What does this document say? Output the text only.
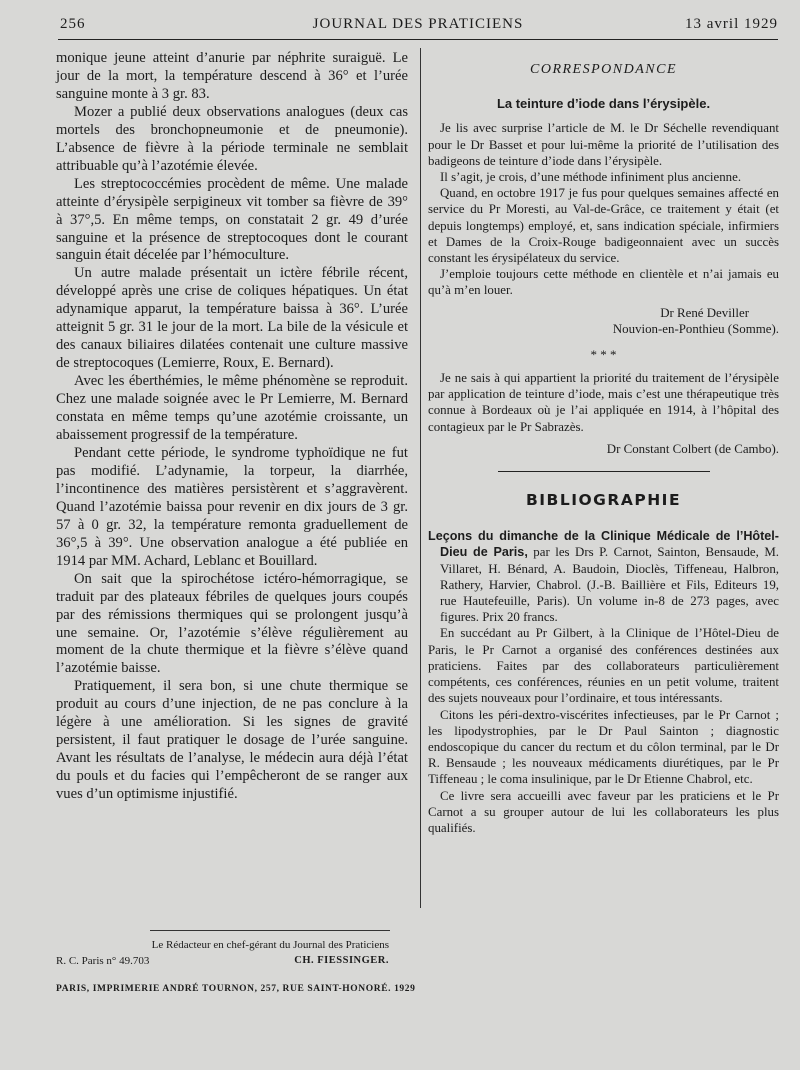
256	JOURNAL DES PRATICIENS	13 avril 1929

monique jeune atteint d’anurie par néphrite suraiguë. Le jour de la mort, la température descend à 36° et l’urée sanguine monte à 3 gr. 83.

Mozer a publié deux observations analogues (deux cas mortels des bronchopneumonie et de pneumonie). L’absence de fièvre à la période terminale ne semblait attribuable qu’à l’azotémie élevée.

Les streptococcémies procèdent de même. Une malade atteinte d’érysipèle serpigineux vit tomber sa fièvre de 39° à 37°,5. En même temps, on constatait 2 gr. 49 d’urée sanguine et la présence de streptocoques dont le courant sanguin était décelée par l’hémoculture.

Un autre malade présentait un ictère fébrile récent, développé après une crise de coliques hépatiques. Un état adynamique apparut, la température baissa à 36°. L’urée atteignit 5 gr. 31 le jour de la mort. La bile de la vésicule et des canaux biliaires dilatées contenait une culture massive de streptocoques (Lemierre, Roux, E. Bernard).

Avec les éberthémies, le même phénomène se reproduit. Chez une malade soignée avec le Pr Lemierre, M. Bernard constata en même temps qu’une azotémie croissante, un abaissement progressif de la température.

Pendant cette période, le syndrome typhoïdique ne fut pas modifié. L’adynamie, la torpeur, la diarrhée, l’incontinence des matières persistèrent et s’aggravèrent. Quand l’azotémie baissa pour revenir en dix jours de 3 gr. 57 à 0 gr. 32, la température remonta graduellement de 36°,5 à 39°. Une observation analogue a été publiée en 1914 par MM. Achard, Leblanc et Bouillard.

On sait que la spirochétose ictéro-hémorragique, se traduit par des plateaux fébriles de quelques jours coupés par des rémissions thermiques qui se prolongent jusqu’à une semaine. Or, l’azotémie s’élève régulièrement au moment de la chute thermique et la fièvre s’élève quand l’azotémie baisse.

Pratiquement, il sera bon, si une chute thermique se produit au cours d’une injection, de ne pas conclure à la légère à une amélioration. Si les signes de gravité persistent, il faut pratiquer le dosage de l’urée sanguine. Avant les résultats de l’analyse, le médecin aura déjà l’état du pouls et du facies qui l’empêcheront de se ranger aux vues d’un optimisme injustifié.

CORRESPONDANCE
La teinture d’iode dans l’érysipèle.

Je lis avec surprise l’article de M. le Dr Séchelle revendiquant pour le Dr Basset et pour lui-même la priorité de l’utilisation des badigeons de teinture d’iode dans l’érysipèle.

Il s’agit, je crois, d’une méthode infiniment plus ancienne.

Quand, en octobre 1917 je fus pour quelques semaines affecté en service du Pr Moresti, au Val-de-Grâce, ce traitement y était (et depuis longtemps) employé, et, sans indication spéciale, infirmiers et Dames de la Croix-Rouge badigeonnaient avec un succès constant les érysipélateux du service.

J’emploie toujours cette méthode en clientèle et n’ai jamais eu qu’à m’en louer.

Dr René Deviller

Nouvion-en-Ponthieu (Somme).

* * *

Je ne sais à qui appartient la priorité du traitement de l’érysipèle par application de teinture d’iode, mais c’est une thérapeutique très connue à Bordeaux où je l’ai appliquée en 1914, à l’hôpital des contagieux par le Pr Sabrazès.

Dr Constant Colbert (de Cambo).

BIBLIOGRAPHIE

Leçons du dimanche de la Clinique Médicale de l’Hôtel-Dieu de Paris, par les Drs P. Carnot, Sainton, Bensaude, M. Villaret, H. Bénard, A. Baudoin, Dioclès, Tiffeneau, Halbron, Rathery, Harvier, Chabrol. (J.-B. Baillière et Fils, Editeurs 19, rue Hautefeuille, Paris). Un volume in-8 de 273 pages, avec figures. Prix 20 francs.

En succédant au Pr Gilbert, à la Clinique de l’Hôtel-Dieu de Paris, le Pr Carnot a organisé des conférences destinées aux praticiens. Faites par des collaborateurs particulièrement compétents, ces conférences, réunies en un petit volume, traitent des sujets nouveaux pour l’ordinaire, et tous intéressants.

Citons les péri-dextro-viscérites infectieuses, par le Pr Carnot ; les lipodystrophies, par le Dr Paul Sainton ; diagnostic endoscopique du cancer du rectum et du côlon terminal, par le Dr R. Bensaude ; les nouveaux médicaments diurétiques, par le Pr Tiffeneau ; le coma insulinique, par le Dr Etienne Chabrol, etc.

Ce livre sera accueilli avec faveur par les praticiens et le Pr Carnot a su grouper autour de lui les collaborateurs les plus qualifiés.

Le Rédacteur en chef-gérant du Journal des Praticiens
R. C. Paris n° 49.703	CH. FIESSINGER.
PARIS, IMPRIMERIE ANDRÉ TOURNON, 257, RUE SAINT-HONORÉ. 1929
